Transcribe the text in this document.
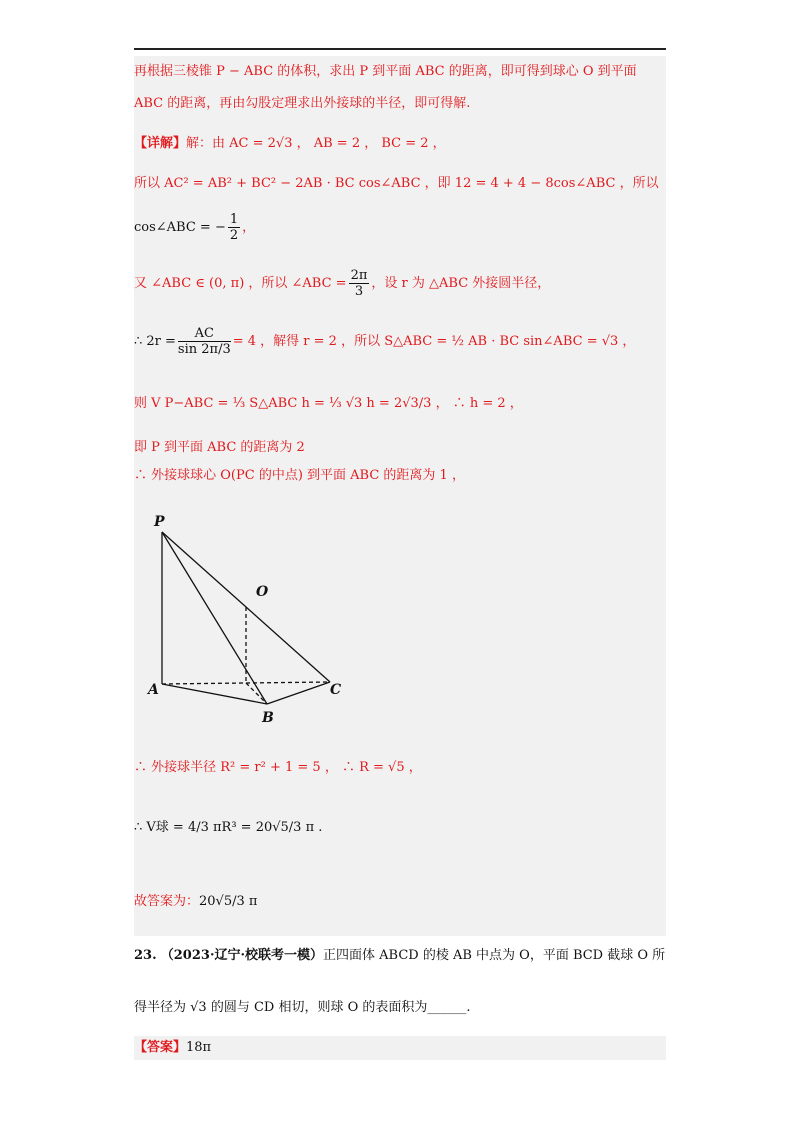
再根据三棱锥 P − ABC 的体积，求出 P 到平面 ABC 的距离，即可得到球心 O 到平面
ABC 的距离，再由勾股定理求出外接球的半径，即可得解.
【详解】解：由 AC = 2√3 ， AB = 2 ， BC = 2 ，
所以 AC² = AB² + BC² − 2AB · BC cos∠ABC ，即 12 = 4 + 4 − 8cos∠ABC ，所以
cos∠ABC = − $\frac{1}{2}$ ，
又 ∠ABC ∈ (0, π) ，所以 ∠ABC = $\frac{2\pi}{3}$ ，设 r 为 △ABC 外接圆半径，
∴ $2r = \frac{AC}{\sin 2\pi/3} = 4$ ，解得 r = 2 ，所以 S△ABC = ½ AB · BC sin∠ABC = √3 ，
则 V P−ABC = ⅓ S△ABC h = ⅓ √3 h = 2√3/3 ， ∴ h = 2 ，
即 P 到平面 ABC 的距离为 2
∴ 外接球球心 O(PC 的中点) 到平面 ABC 的距离为 1 ，
P
O
A
B
C
∴ 外接球半径 R² = r² + 1 = 5 ， ∴ R = √5 ，
∴ V球 = 4/3 πR³ = 20√5/3 π .
故答案为：20√5/3 π
23. （2023·辽宁·校联考一模）正四面体 ABCD 的棱 AB 中点为 O，平面 BCD 截球 O 所
得半径为 √3 的圆与 CD 相切，则球 O 的表面积为______.
【答案】18π
